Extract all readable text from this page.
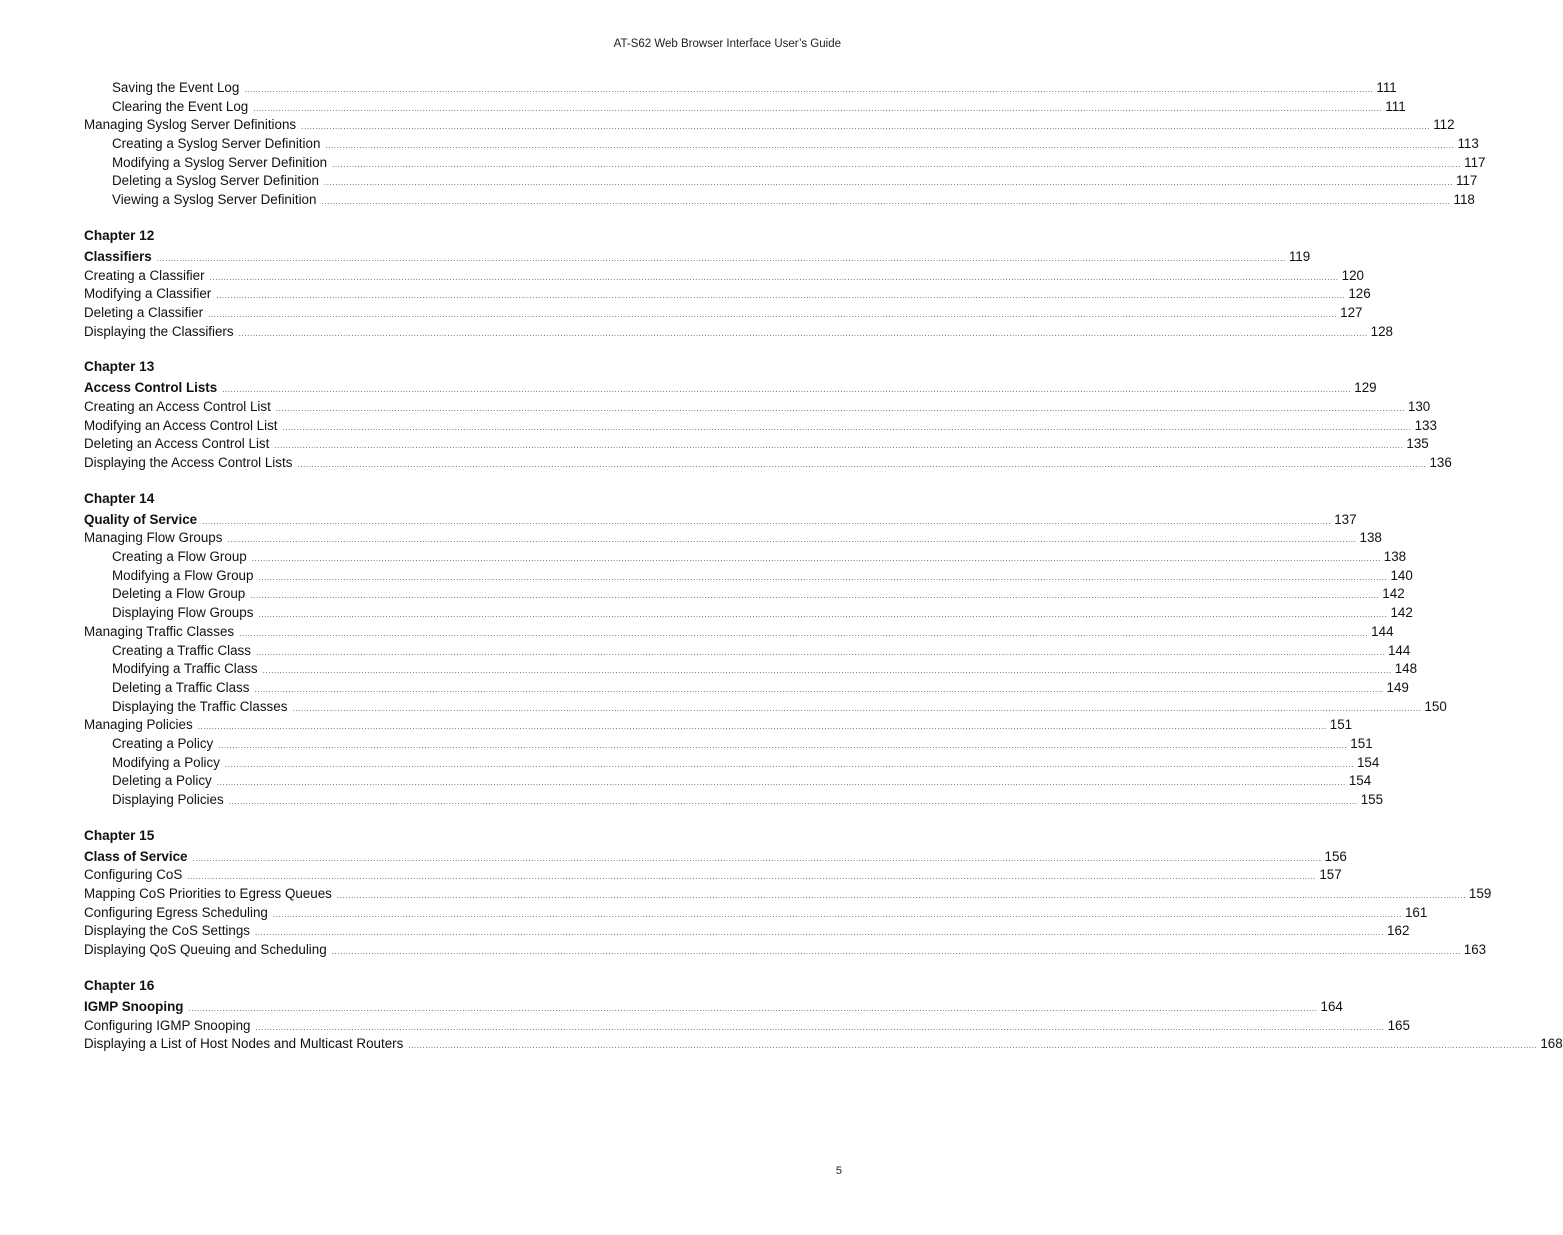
AT-S62 Web Browser Interface User’s Guide
Saving the Event Log ................................................................................................................................................................................................................................................................................................................................................................................................................ 111
Clearing the Event Log ................................................................................................................................................................................................................................................................................................................................................................................................................ 111
Managing Syslog Server Definitions ................................................................................................................................................................................................................................................................................................................................................................................................................ 112
Creating a Syslog Server Definition ................................................................................................................................................................................................................................................................................................................................................................................................................ 113
Modifying a Syslog Server Definition ................................................................................................................................................................................................................................................................................................................................................................................................................ 117
Deleting a Syslog Server Definition ................................................................................................................................................................................................................................................................................................................................................................................................................ 117
Viewing a Syslog Server Definition ................................................................................................................................................................................................................................................................................................................................................................................................................ 118
Chapter 12
Classifiers ................................................................................................................................................................................................................................................................................................................................................................................................................ 119
Creating a Classifier ................................................................................................................................................................................................................................................................................................................................................................................................................ 120
Modifying a Classifier ................................................................................................................................................................................................................................................................................................................................................................................................................ 126
Deleting a Classifier ................................................................................................................................................................................................................................................................................................................................................................................................................ 127
Displaying the Classifiers ................................................................................................................................................................................................................................................................................................................................................................................................................ 128
Chapter 13
Access Control Lists ................................................................................................................................................................................................................................................................................................................................................................................................................ 129
Creating an Access Control List ................................................................................................................................................................................................................................................................................................................................................................................................................ 130
Modifying an Access Control List ................................................................................................................................................................................................................................................................................................................................................................................................................ 133
Deleting an Access Control List ................................................................................................................................................................................................................................................................................................................................................................................................................ 135
Displaying the Access Control Lists ................................................................................................................................................................................................................................................................................................................................................................................................................ 136
Chapter 14
Quality of Service ................................................................................................................................................................................................................................................................................................................................................................................................................ 137
Managing Flow Groups ................................................................................................................................................................................................................................................................................................................................................................................................................ 138
Creating a Flow Group ................................................................................................................................................................................................................................................................................................................................................................................................................ 138
Modifying a Flow Group ................................................................................................................................................................................................................................................................................................................................................................................................................ 140
Deleting a Flow Group ................................................................................................................................................................................................................................................................................................................................................................................................................ 142
Displaying Flow Groups ................................................................................................................................................................................................................................................................................................................................................................................................................ 142
Managing Traffic Classes ................................................................................................................................................................................................................................................................................................................................................................................................................ 144
Creating a Traffic Class ................................................................................................................................................................................................................................................................................................................................................................................................................ 144
Modifying a Traffic Class ................................................................................................................................................................................................................................................................................................................................................................................................................ 148
Deleting a Traffic Class ................................................................................................................................................................................................................................................................................................................................................................................................................ 149
Displaying the Traffic Classes ................................................................................................................................................................................................................................................................................................................................................................................................................ 150
Managing Policies ................................................................................................................................................................................................................................................................................................................................................................................................................ 151
Creating a Policy ................................................................................................................................................................................................................................................................................................................................................................................................................ 151
Modifying a Policy ................................................................................................................................................................................................................................................................................................................................................................................................................ 154
Deleting a Policy ................................................................................................................................................................................................................................................................................................................................................................................................................ 154
Displaying Policies ................................................................................................................................................................................................................................................................................................................................................................................................................ 155
Chapter 15
Class of Service ................................................................................................................................................................................................................................................................................................................................................................................................................ 156
Configuring CoS ................................................................................................................................................................................................................................................................................................................................................................................................................ 157
Mapping CoS Priorities to Egress Queues ................................................................................................................................................................................................................................................................................................................................................................................................................ 159
Configuring Egress Scheduling ................................................................................................................................................................................................................................................................................................................................................................................................................ 161
Displaying the CoS Settings ................................................................................................................................................................................................................................................................................................................................................................................................................ 162
Displaying QoS Queuing and Scheduling ................................................................................................................................................................................................................................................................................................................................................................................................................ 163
Chapter 16
IGMP Snooping ................................................................................................................................................................................................................................................................................................................................................................................................................ 164
Configuring IGMP Snooping ................................................................................................................................................................................................................................................................................................................................................................................................................ 165
Displaying a List of Host Nodes and Multicast Routers ................................................................................................................................................................................................................................................................................................................................................................................................................ 168
5
